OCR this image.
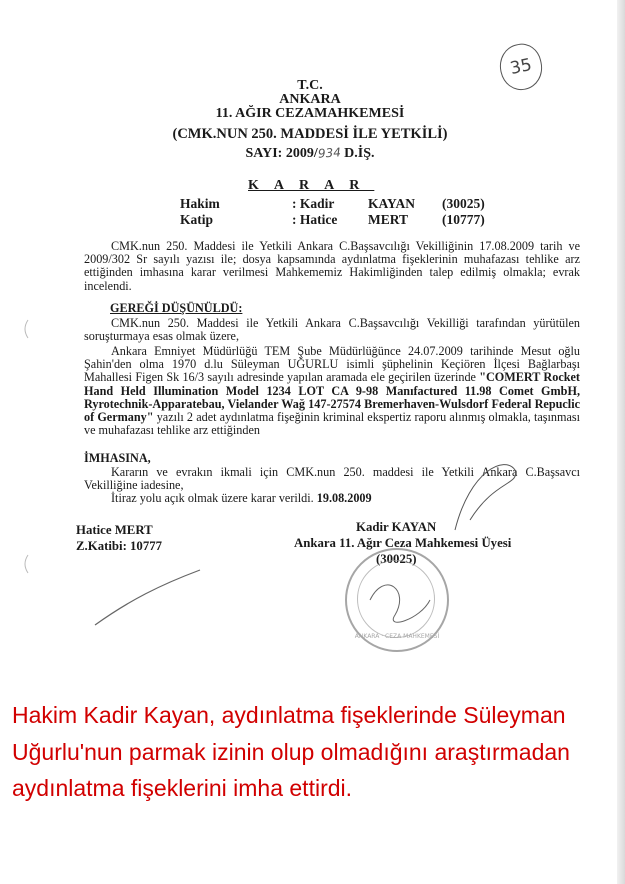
35
T.C.
ANKARA
11. AĞIR CEZAMAHKEMESİ
(CMK.NUN 250. MADDESİ İLE YETKİLİ)
SAYI: 2009/934 D.İŞ.
KARAR
Hakim	: Kadir KAYAN (30025)
Katip	: Hatice MERT	(10777)
CMK.nun 250. Maddesi ile Yetkili Ankara C.Başsavcılığı Vekilliğinin 17.08.2009 tarih ve 2009/302 Sr sayılı yazısı ile; dosya kapsamında aydınlatma fişeklerinin muhafazası tehlike arz ettiğinden imhasına karar verilmesi Mahkememiz Hakimliğinden talep edilmiş olmakla; evrak incelendi.
GEREĞİ DÜŞÜNÜLDÜ:
CMK.nun 250. Maddesi ile Yetkili Ankara C.Başsavcılığı Vekilliği tarafından yürütülen soruşturmaya esas olmak üzere,
Ankara Emniyet Müdürlüğü TEM Şube Müdürlüğünce 24.07.2009 tarihinde Mesut oğlu Şahin'den olma 1970 d.lu Süleyman UĞURLU isimli şüphelinin Keçiören İlçesi Bağlarbaşı Mahallesi Figen Sk 16/3 sayılı adresinde yapılan aramada ele geçirilen üzerinde "COMERT Rocket Hand Held Illumination Model 1234 LOT CA 9-98 Manıfactured 11.98 Comet GmbH, Ryrotechnik-Apparatebau, Vielander Wağ 147-27574 Bremerhaven-Wulsdorf Federal Repuclic of Germany" yazılı 2 adet aydınlatma fişeğinin kriminal ekspertiz raporu alınmış olmakla, taşınması ve muhafazası tehlike arz ettiğinden
İMHASINA,
Kararın ve evrakın ikmali için CMK.nun 250. maddesi ile Yetkili Ankara C.Başsavcı Vekilliğine iadesine,
İtiraz yolu açık olmak üzere karar verildi. 19.08.2009
Hatice MERT
Z.Katibi: 10777
Kadir KAYAN
Ankara 11. Ağır Ceza Mahkemesi Üyesi
(30025)
ANKARA · CEZA MAHKEMESİ
Hakim Kadir Kayan, aydınlatma fişeklerinde Süleyman Uğurlu'nun parmak izinin olup olmadığını araştırmadan aydınlatma fişeklerini imha ettirdi.
